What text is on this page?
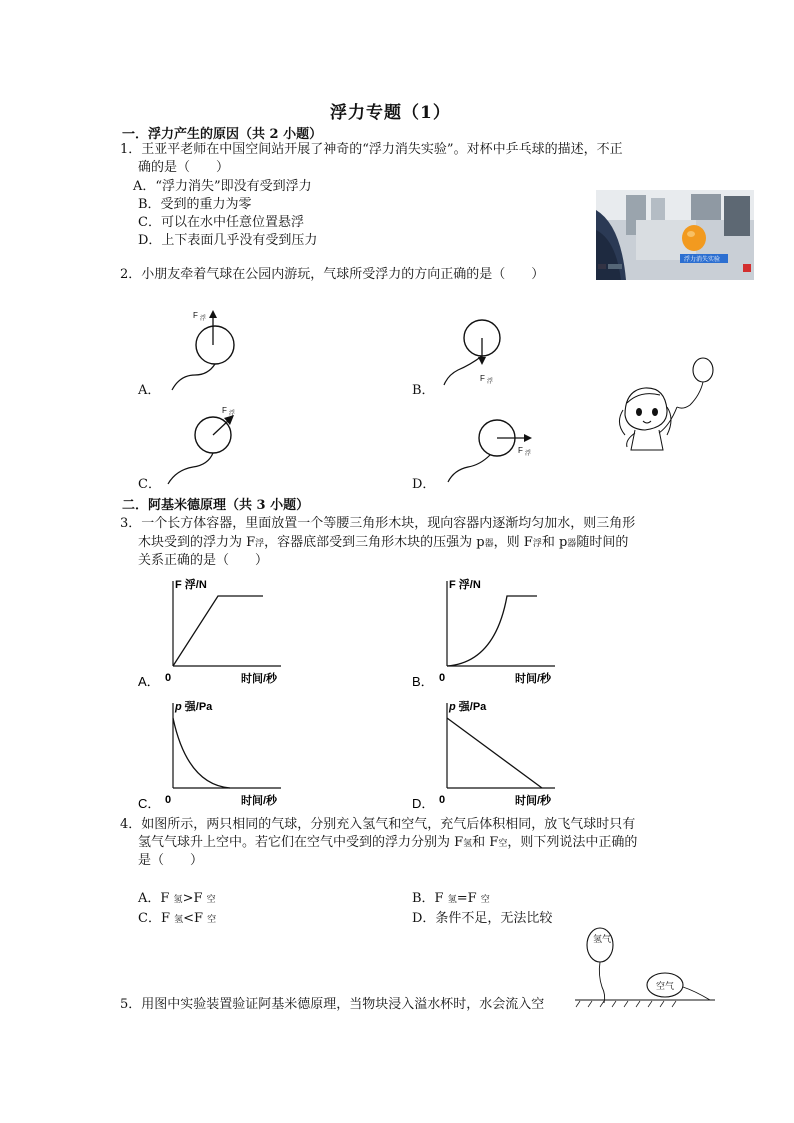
浮力专题（1）
一．浮力产生的原因（共 2 小题）
1．王亚平老师在中国空间站开展了神奇的“浮力消失实验”。对杯中乒乓球的描述，不正
确的是（　　）
A．“浮力消失”即没有受到浮力
B．受到的重力为零
C．可以在水中任意位置悬浮
D．上下表面几乎没有受到压力
浮力消失实验
2．小朋友牵着气球在公园内游玩，气球所受浮力的方向正确的是（　　）
F 浮
A．
F 浮
B．
F 浮
C．
F 浮
D．
二．阿基米德原理（共 3 小题）
3．一个长方体容器，里面放置一个等腰三角形木块，现向容器内逐渐均匀加水，则三角形
木块受到的浮力为 F浮，容器底部受到三角形木块的压强为 p器，则 F浮和 p器随时间的
关系正确的是（　　）
A． 0	时间/秒
F 浮/N
B． 0	时间/秒
F 浮/N
C． 0	时间/秒
p 强/Pa
D． 0	时间/秒
p 强/Pa
4．如图所示，两只相同的气球，分别充入氢气和空气，充气后体积相同，放飞气球时只有
氢气气球升上空中。若它们在空气中受到的浮力分别为 F氢和 F空，则下列说法中正确的
是（　　）
A．F 氢>F 空	B．F 氢=F 空
C．F 氢<F 空	D．条件不足，无法比较
氢气
空气
5．用图中实验装置验证阿基米德原理，当物块浸入溢水杯时，水会流入空
